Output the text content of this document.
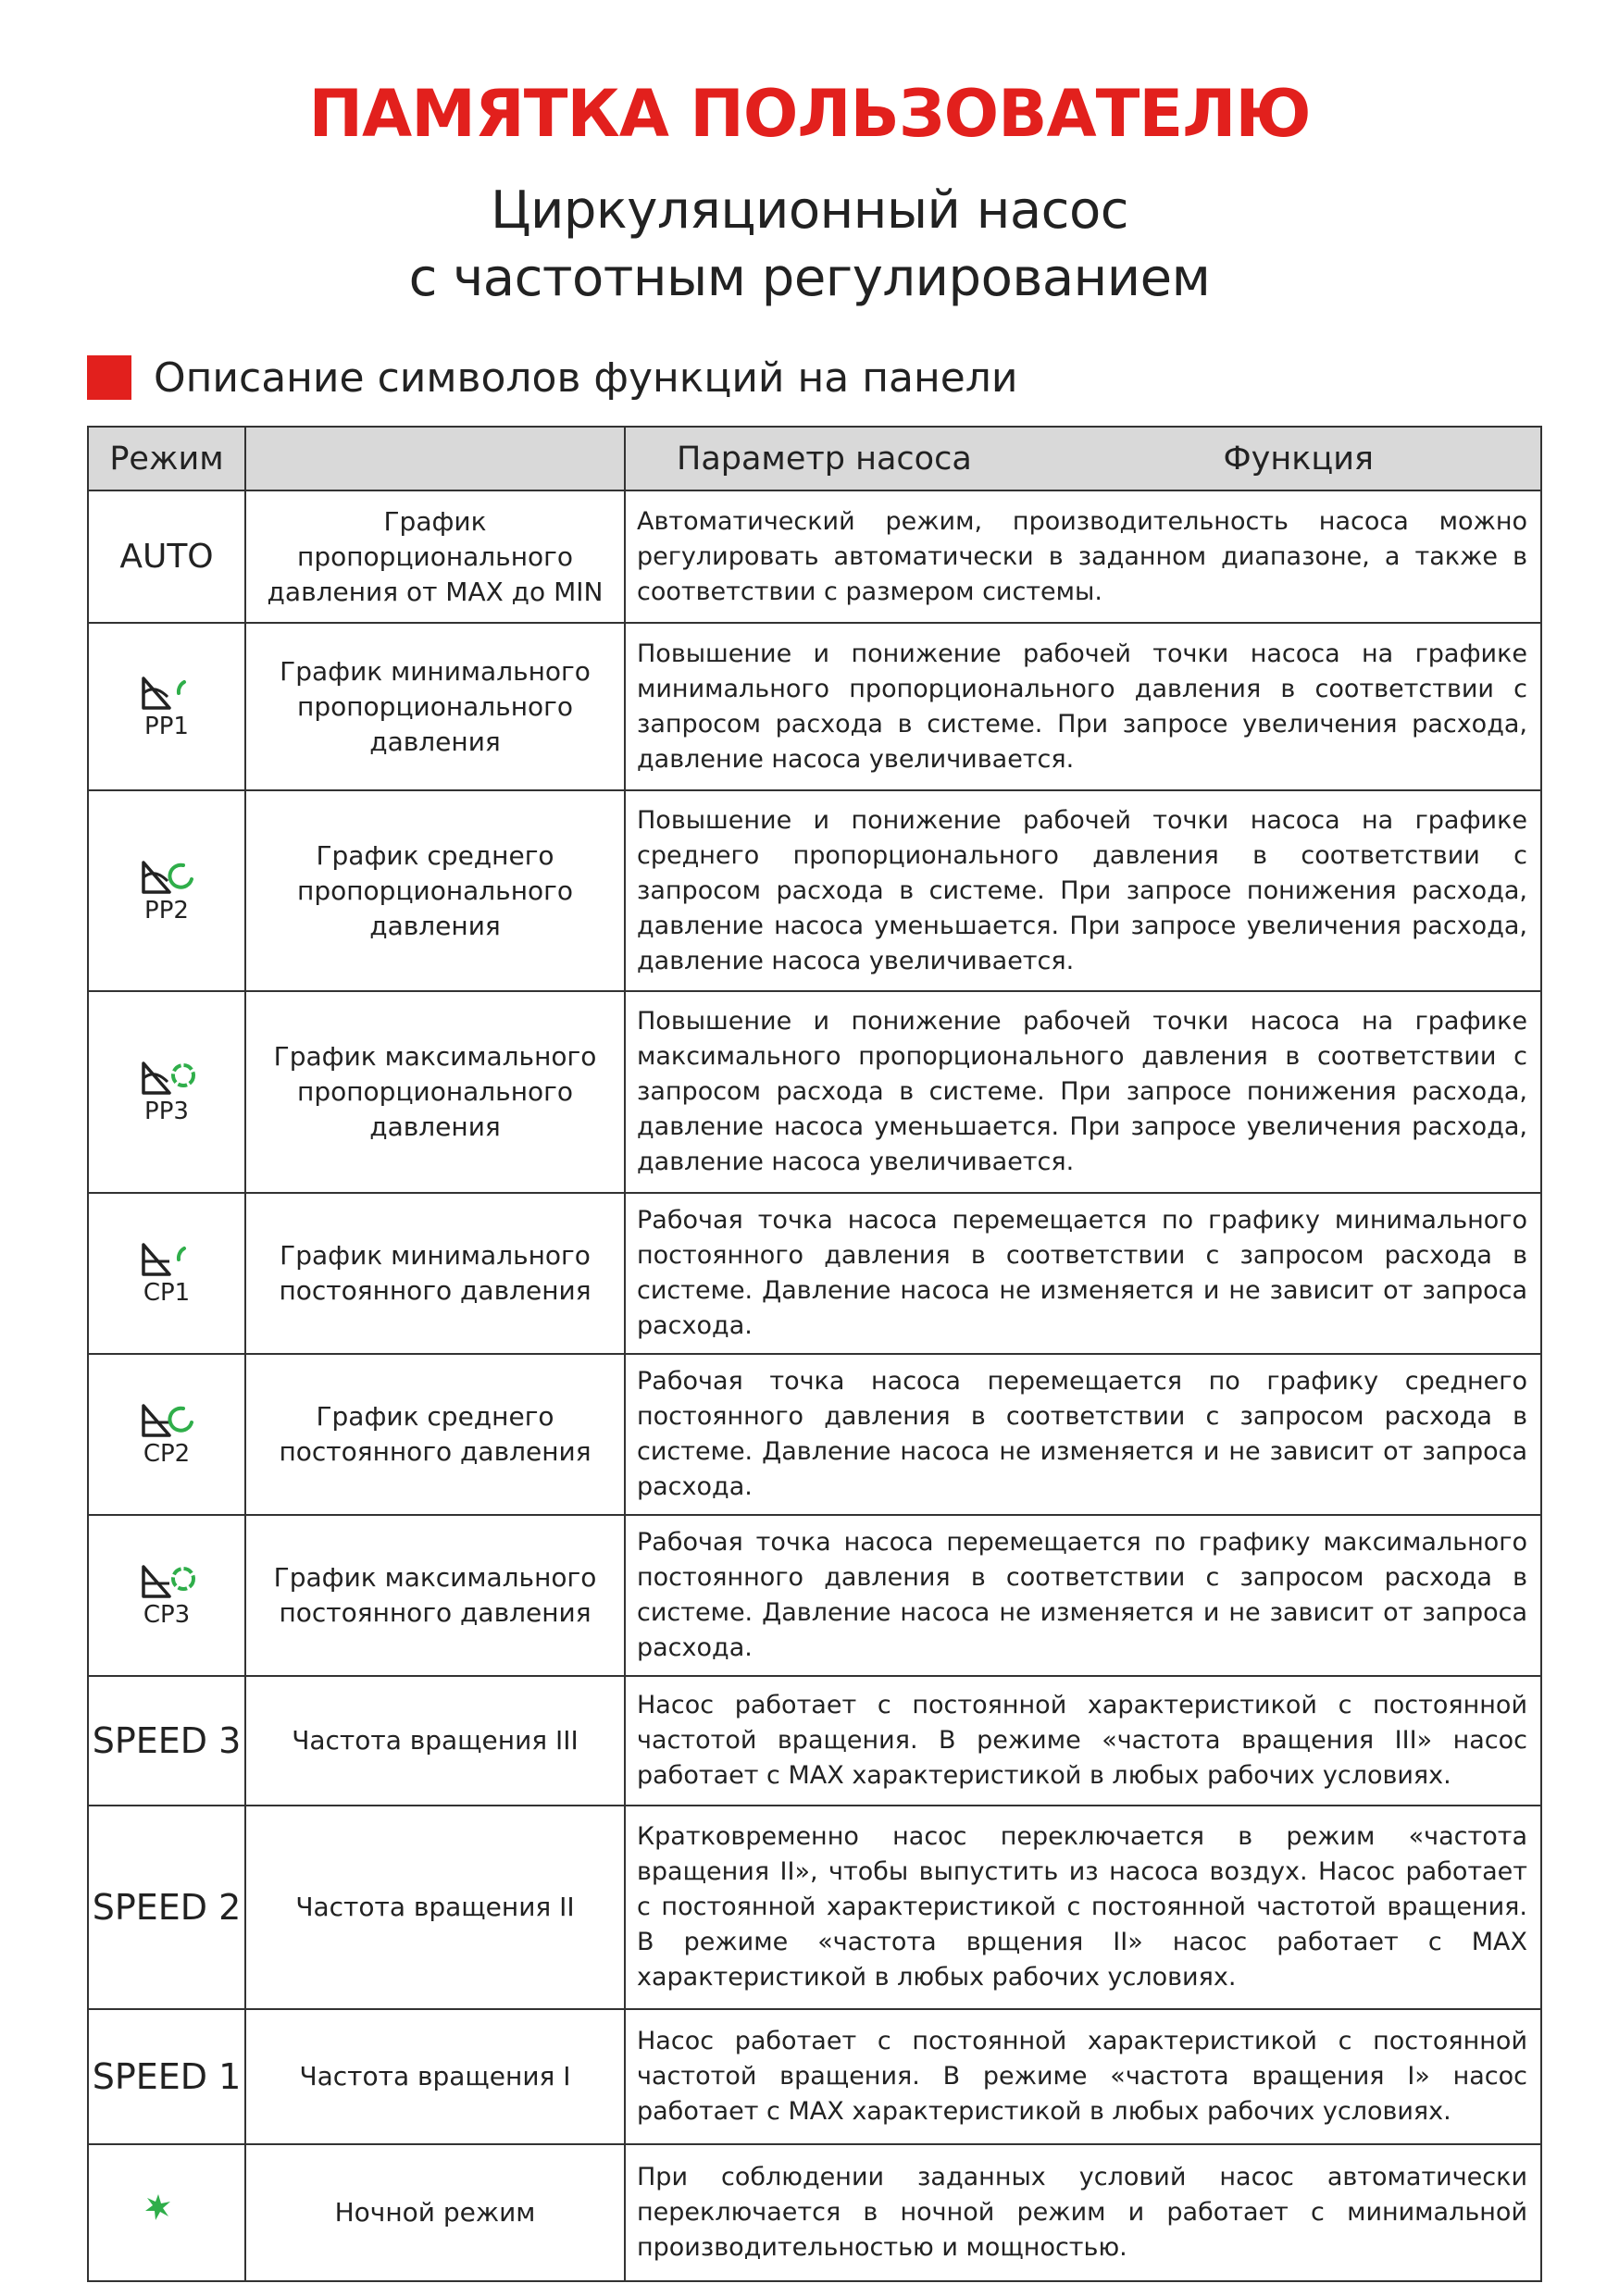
ПАМЯТКА ПОЛЬЗОВАТЕЛЮ
Циркуляционный насос
с частотным регулированием
Описание символов функций на панели
Режим		Параметр насоса Функция

AUTO	График пропорционального давления от MAX до MIN	Автоматический режим, производительность насоса можно регулировать автоматически в заданном диапазоне, а также в соответствии с размером системы.

PP1	График минимального пропорционального давления	Повышение и понижение рабочей точки насоса на графике минимального пропорционального давления в соответствии с запросом расхода в системе. При запросе увеличения расхода, давление насоса увеличивается.

PP2	График среднего пропорционального давления	Повышение и понижение рабочей точки насоса на графике среднего пропорционального давления в соответствии с запросом расхода в системе. При запросе понижения расхода, давление насоса уменьшается. При запросе увеличения расхода, давление насоса увеличивается.

PP3	График максимального пропорционального давления	Повышение и понижение рабочей точки насоса на графике максимального пропорционального давления в соответствии с запросом расхода в системе. При запросе понижения расхода, давление насоса уменьшается. При запросе увеличения расхода, давление насоса увеличивается.

CP1	График минимального постоянного давления	Рабочая точка насоса перемещается по графику минимального постоянного давления в соответствии с запросом расхода в системе. Давление насоса не изменяется и не зависит от запроса расхода.

CP2	График среднего постоянного давления	Рабочая точка насоса перемещается по графику среднего постоянного давления в соответствии с запросом расхода в системе. Давление насоса не изменяется и не зависит от запроса расхода.

CP3	График максимального постоянного давления	Рабочая точка насоса перемещается по графику максимального постоянного давления в соответствии с запросом расхода в системе. Давление насоса не изменяется и не зависит от запроса расхода.
SPEED 3	Частота вращения III	Насос работает с постоянной характеристикой с постоянной частотой вращения. В режиме «частота вращения III» насос работает с MAX характеристикой в любых рабочих условиях.
SPEED 2	Частота вращения II	Кратковременно насос переключается в режим «частота вращения II», чтобы выпустить из насоса воздух. Насос работает с постоянной характеристикой с постоянной частотой вращения. В режиме «частота врщения II» насос работает с MAX характеристикой в любых рабочих условиях.
SPEED 1	Частота вращения I	Насос работает с постоянной характеристикой с постоянной частотой вращения. В режиме «частота вращения I» насос работает с MAX характеристикой в любых рабочих условиях.
	Ночной режим	При соблюдении заданных условий насос автоматически переключается в ночной режим и работает с минимальной производительностью и мощностью.
